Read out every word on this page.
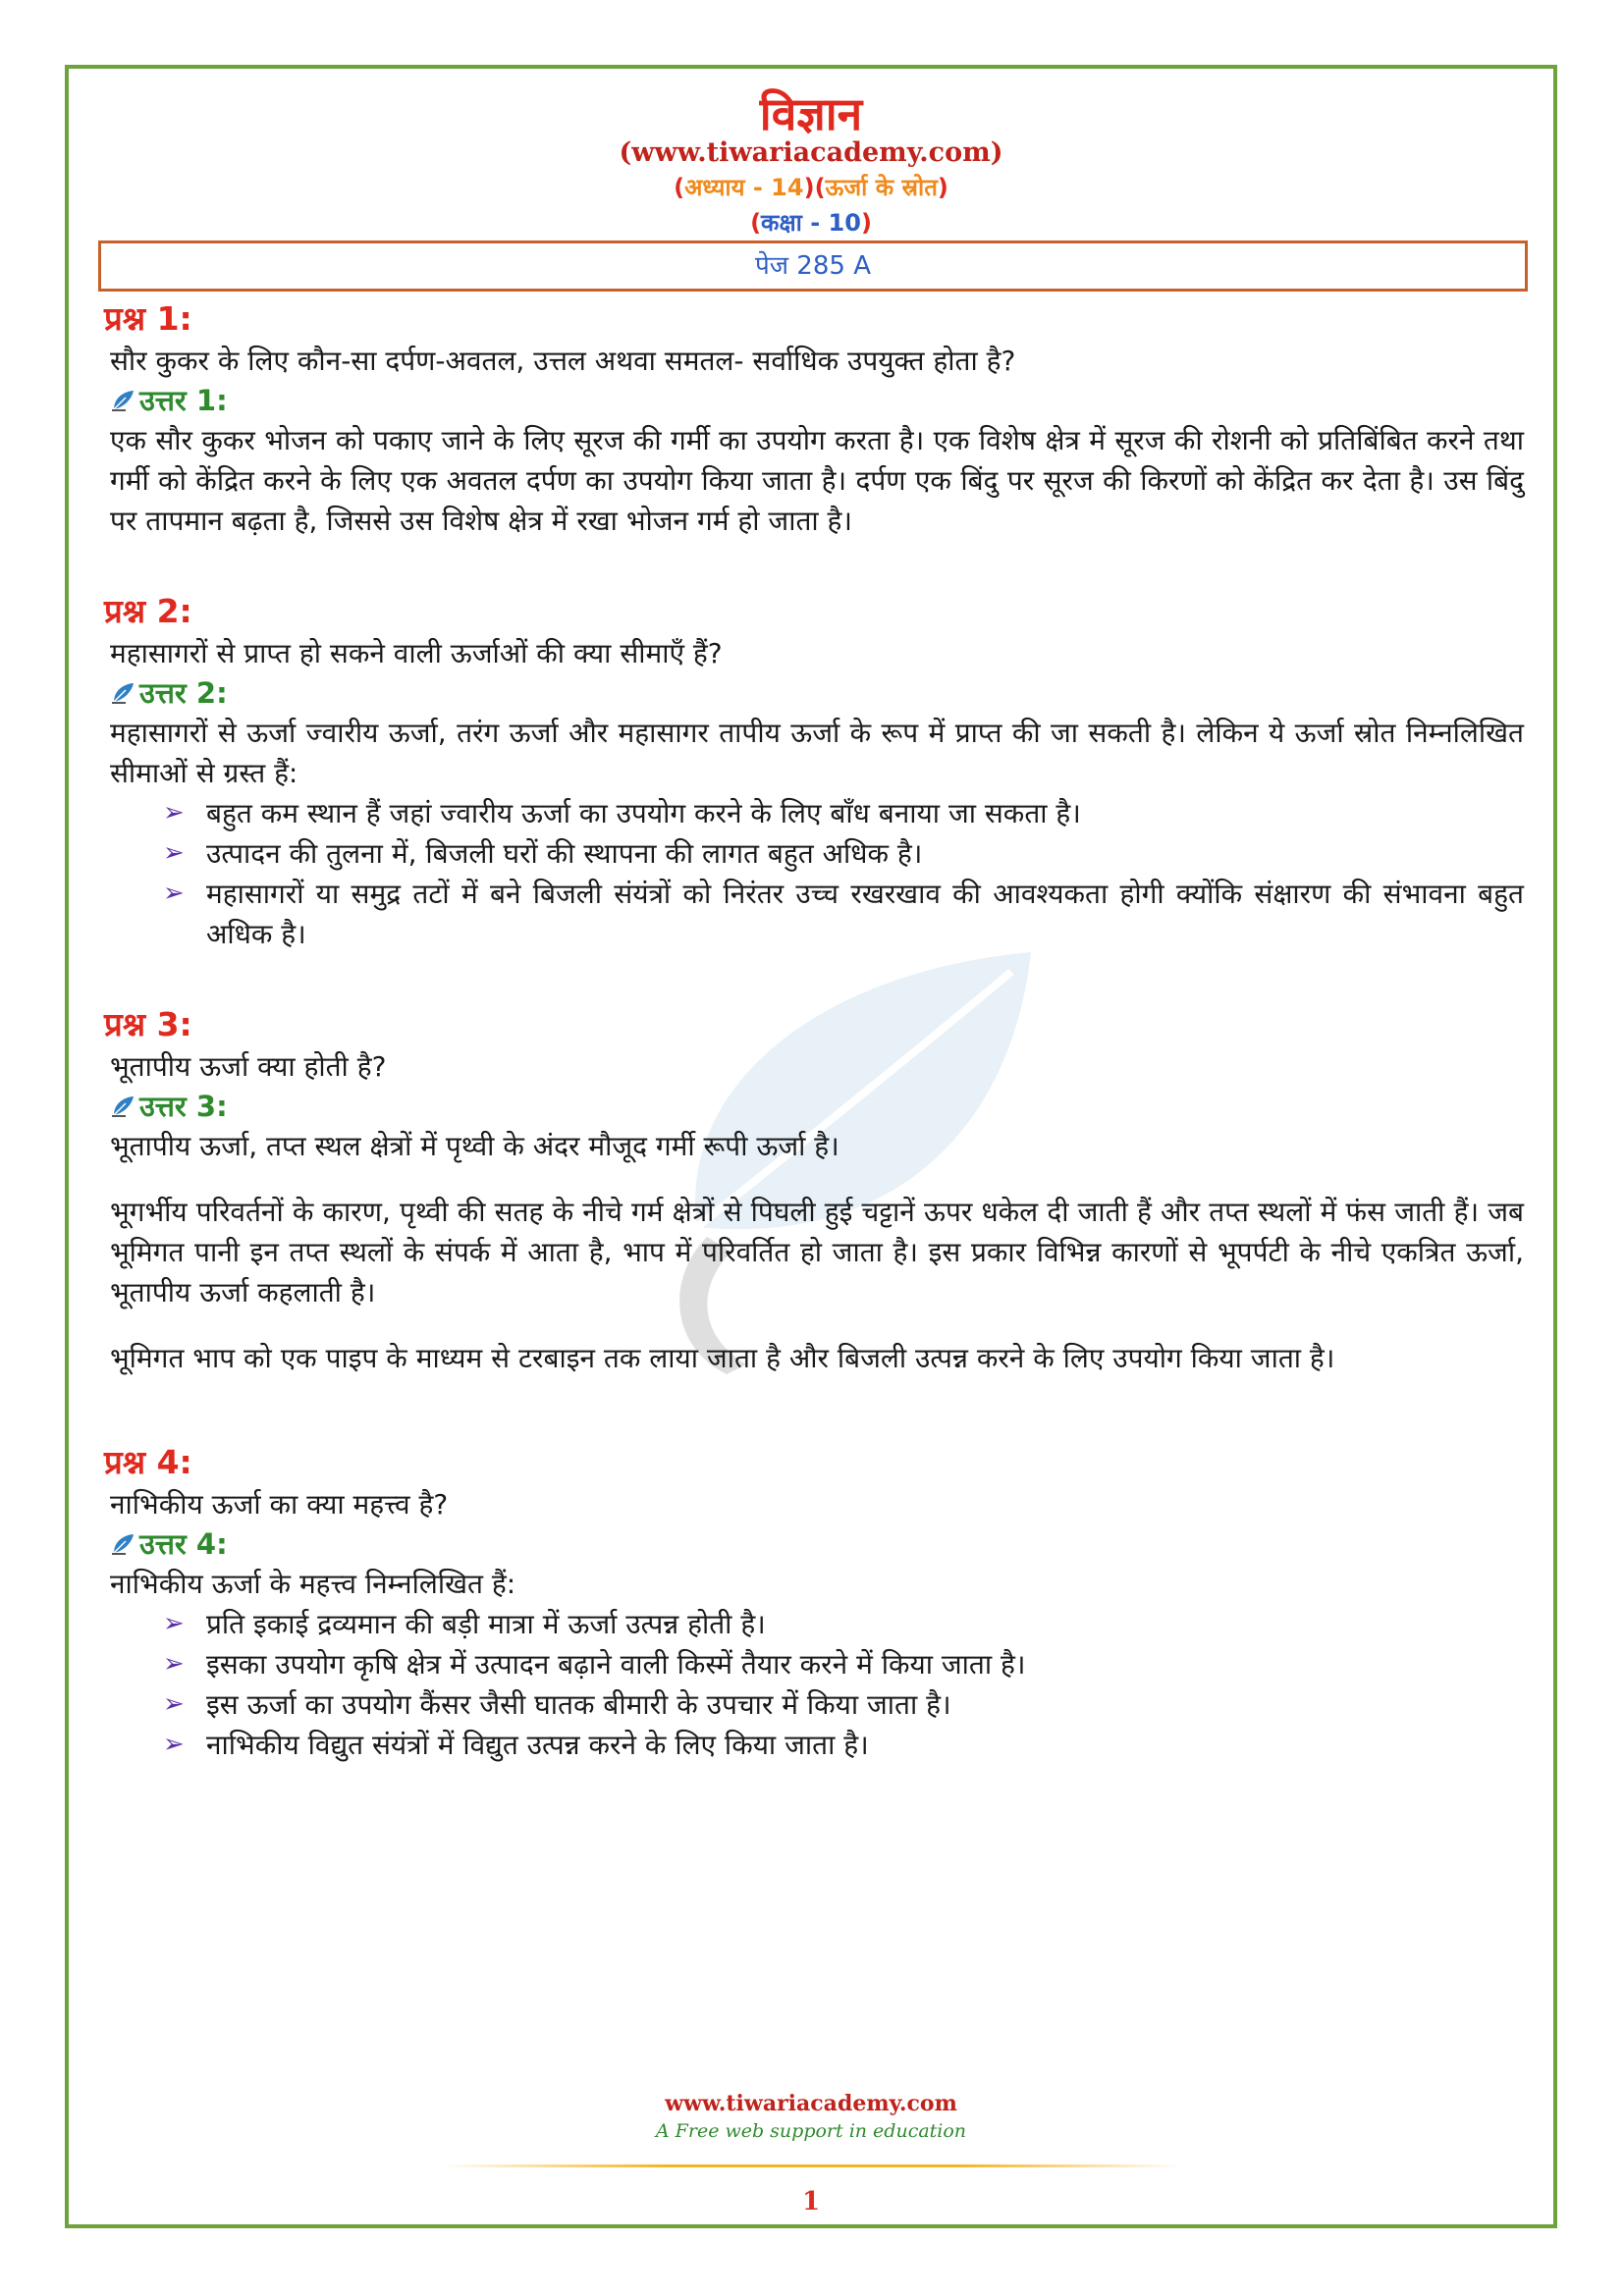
विज्ञान
(www.tiwariacademy.com)
(अध्याय - 14)(ऊर्जा के स्रोत)
(कक्षा - 10)
पेज 285 A
प्रश्न 1:
सौर कुकर के लिए कौन-सा दर्पण-अवतल, उत्तल अथवा समतल- सर्वाधिक उपयुक्त होता है?
उत्तर 1:
एक सौर कुकर भोजन को पकाए जाने के लिए सूरज की गर्मी का उपयोग करता है। एक विशेष क्षेत्र में सूरज की रोशनी को प्रतिबिंबित करने तथा गर्मी को केंद्रित करने के लिए एक अवतल दर्पण का उपयोग किया जाता है। दर्पण एक बिंदु पर सूरज की किरणों को केंद्रित कर देता है। उस बिंदु पर तापमान बढ़ता है, जिससे उस विशेष क्षेत्र में रखा भोजन गर्म हो जाता है।
प्रश्न 2:
महासागरों से प्राप्त हो सकने वाली ऊर्जाओं की क्या सीमाएँ हैं?
उत्तर 2:
महासागरों से ऊर्जा ज्वारीय ऊर्जा, तरंग ऊर्जा और महासागर तापीय ऊर्जा के रूप में प्राप्त की जा सकती है। लेकिन ये ऊर्जा स्रोत निम्नलिखित सीमाओं से ग्रस्त हैं:
➢ बहुत कम स्थान हैं जहां ज्वारीय ऊर्जा का उपयोग करने के लिए बाँध बनाया जा सकता है।
➢ उत्पादन की तुलना में, बिजली घरों की स्थापना की लागत बहुत अधिक है।
➢ महासागरों या समुद्र तटों में बने बिजली संयंत्रों को निरंतर उच्च रखरखाव की आवश्यकता होगी क्योंकि संक्षारण की संभावना बहुत अधिक है।
प्रश्न 3:
भूतापीय ऊर्जा क्या होती है?
उत्तर 3:
भूतापीय ऊर्जा, तप्त स्थल क्षेत्रों में पृथ्वी के अंदर मौजूद गर्मी रूपी ऊर्जा है।
भूगर्भीय परिवर्तनों के कारण, पृथ्वी की सतह के नीचे गर्म क्षेत्रों से पिघली हुई चट्टानें ऊपर धकेल दी जाती हैं और तप्त स्थलों में फंस जाती हैं। जब भूमिगत पानी इन तप्त स्थलों के संपर्क में आता है, भाप में परिवर्तित हो जाता है। इस प्रकार विभिन्न कारणों से भूपर्पटी के नीचे एकत्रित ऊर्जा, भूतापीय ऊर्जा कहलाती है।
भूमिगत भाप को एक पाइप के माध्यम से टरबाइन तक लाया जाता है और बिजली उत्पन्न करने के लिए उपयोग किया जाता है।
प्रश्न 4:
नाभिकीय ऊर्जा का क्या महत्त्व है?
उत्तर 4:
नाभिकीय ऊर्जा के महत्त्व निम्नलिखित हैं:
➢ प्रति इकाई द्रव्यमान की बड़ी मात्रा में ऊर्जा उत्पन्न होती है।
➢ इसका उपयोग कृषि क्षेत्र में उत्पादन बढ़ाने वाली किस्में तैयार करने में किया जाता है।
➢ इस ऊर्जा का उपयोग कैंसर जैसी घातक बीमारी के उपचार में किया जाता है।
➢ नाभिकीय विद्युत संयंत्रों में विद्युत उत्पन्न करने के लिए किया जाता है।
www.tiwariacademy.com
A Free web support in education
1
